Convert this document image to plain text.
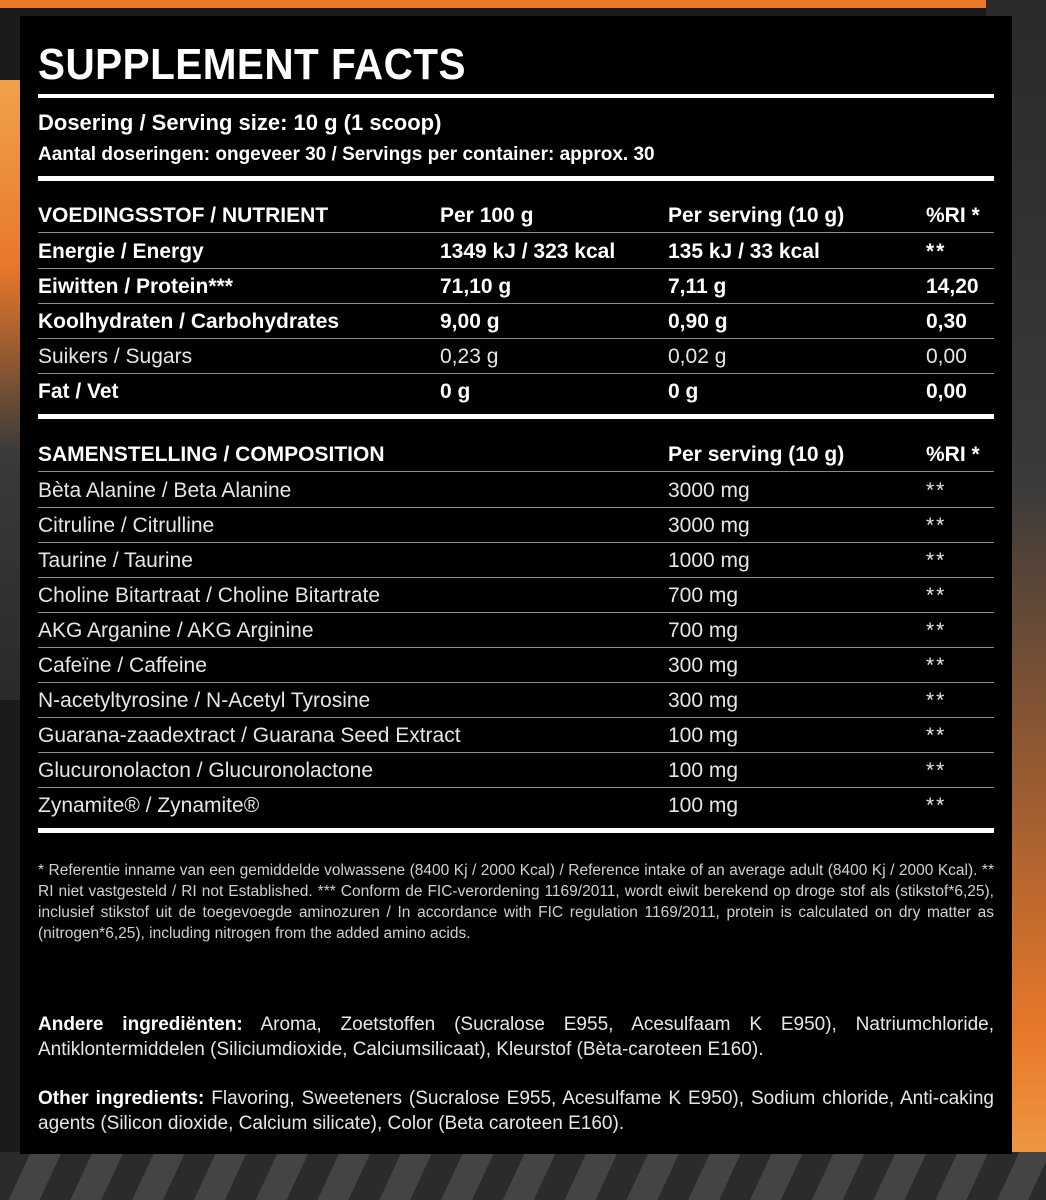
SUPPLEMENT FACTS
Dosering / Serving size: 10 g (1 scoop)
Aantal doseringen: ongeveer 30 / Servings per container: approx. 30
VOEDINGSSTOF / NUTRIENT	Per 100 g	Per serving (10 g)	%RI *
Energie / Energy	1349 kJ / 323 kcal	135 kJ / 33 kcal	**
Eiwitten / Protein***	71,10 g	7,11 g	14,20
Koolhydraten / Carbohydrates	9,00 g	0,90 g	0,30
Suikers / Sugars	0,23 g	0,02 g	0,00
Fat / Vet	0 g	0 g	0,00
SAMENSTELLING / COMPOSITION	Per serving (10 g)	%RI *
Bèta Alanine / Beta Alanine	3000 mg	**
Citruline / Citrulline	3000 mg	**
Taurine / Taurine	1000 mg	**
Choline Bitartraat / Choline Bitartrate	700 mg	**
AKG Arganine / AKG Arginine	700 mg	**
Cafeïne / Caffeine	300 mg	**
N-acetyltyrosine / N-Acetyl Tyrosine	300 mg	**
Guarana-zaadextract / Guarana Seed Extract	100 mg	**
Glucuronolacton / Glucuronolactone	100 mg	**
Zynamite® / Zynamite®	100 mg	**

* Referentie inname van een gemiddelde volwassene (8400 Kj / 2000 Kcal) / Reference intake of an average adult (8400 Kj / 2000 Kcal). ** RI niet vastgesteld / RI not Established. *** Conform de FIC-verordening 1169/2011, wordt eiwit berekend op droge stof als (stikstof*6,25), inclusief stikstof uit de toegevoegde aminozuren / In accordance with FIC regulation 1169/2011, protein is calculated on dry matter as (nitrogen*6,25), including nitrogen from the added amino acids.

Andere ingrediënten: Aroma, Zoetstoffen (Sucralose E955, Acesulfaam K E950), Natriumchloride, Antiklontermiddelen (Siliciumdioxide, Calciumsilicaat), Kleurstof (Bèta-caroteen E160).

Other ingredients: Flavoring, Sweeteners (Sucralose E955, Acesulfame K E950), Sodium chloride, Anti-caking agents (Silicon dioxide, Calcium silicate), Color (Beta caroteen E160).
